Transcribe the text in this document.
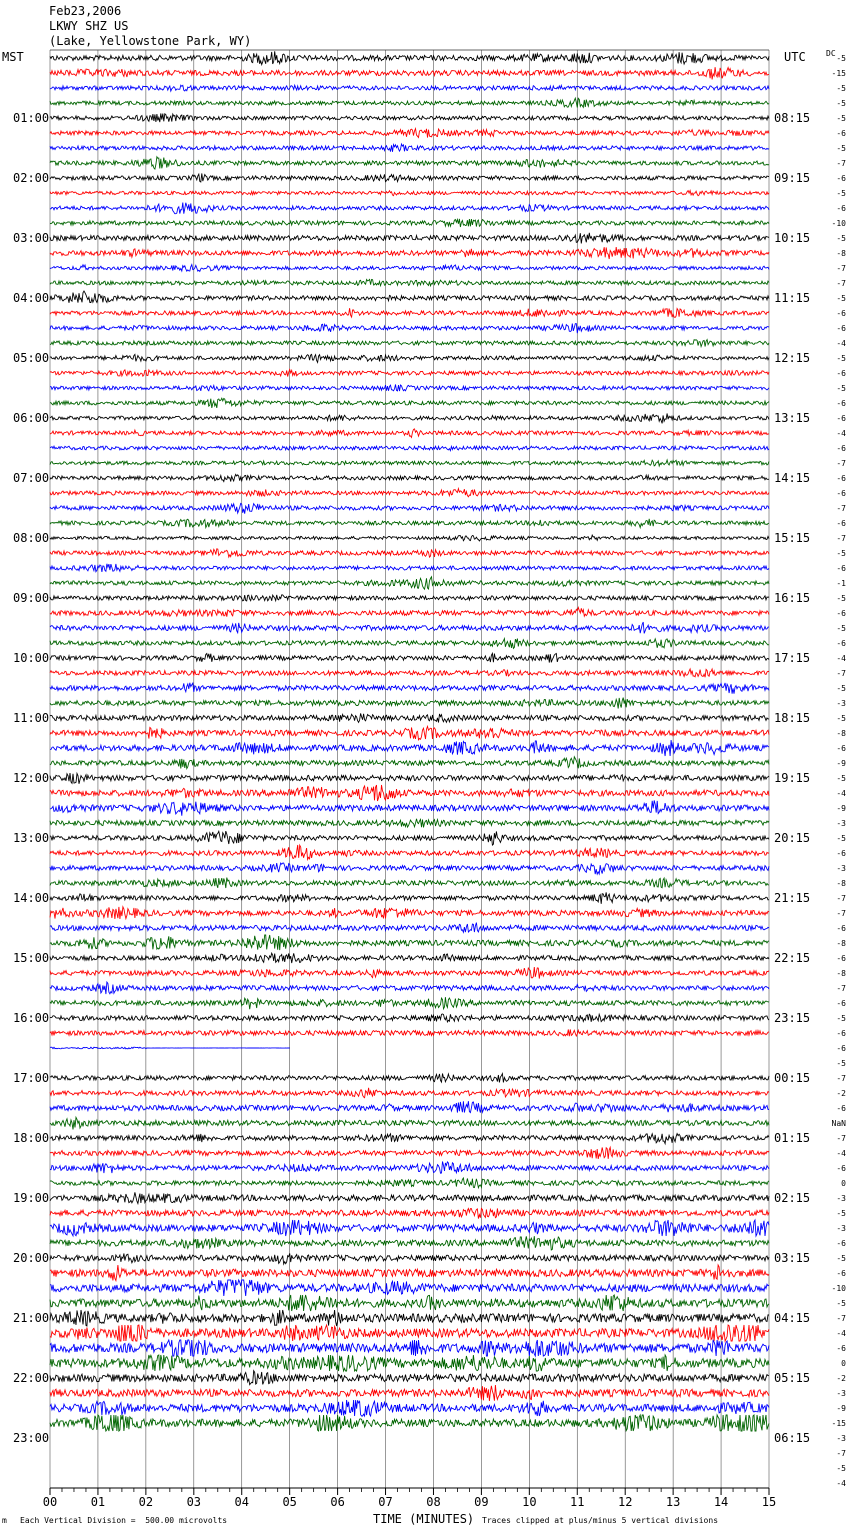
Feb23,2006
LKWY SHZ US
(Lake, Yellowstone Park, WY)
MST	UTC	DC
01:00
02:00
03:00
04:00
05:00
06:00
07:00
08:00
09:00
10:00
11:00
12:00
13:00
14:00
15:00
16:00
17:00
18:00
19:00
20:00
21:00
22:00
23:00
08:15
09:15
10:15
11:15
12:15
13:15
14:15
15:15
16:15
17:15
18:15
19:15
20:15
21:15
22:15
23:15
00:15
01:15
02:15
03:15
04:15
05:15
06:15
-5
-15
-5
-5
-5
-6
-5
-7
-6
-5
-6
-10
-5
-8
-7
-7
-5
-6
-6
-4
-5
-6
-5
-6
-6
-4
-6
-7
-6
-6
-7
-6
-7
-5
-6
-1
-5
-6
-5
-6
-4
-7
-5
-3
-5
-8
-6
-9
-5
-4
-9
-3
-5
-6
-3
-8
-7
-7
-6
-8
-6
-8
-7
-6
-5
-6
-6
-5
-7
-2
-6
-7
-4
-6
0
-3
-5
-3
-6
-5
-6
-10
-5
-7
-4
-6
0
-2
-3
-9
-15
-3
-7
-5
-4
NaN
00	01	02	03	04	05	06	07	08	09	10	11	12	13	14	15
m Each Vertical Division =  500.00 microvolts	TIME (MINUTES) Traces clipped at plus/minus 5 vertical divisions
